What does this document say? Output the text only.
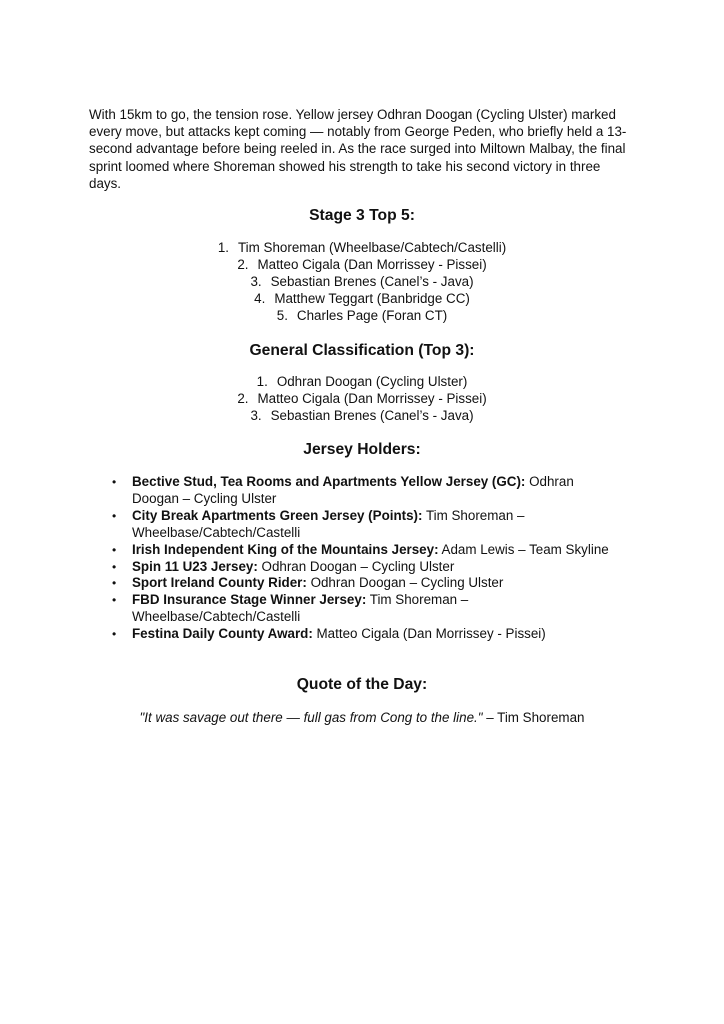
With 15km to go, the tension rose. Yellow jersey Odhran Doogan (Cycling Ulster) marked every move, but attacks kept coming — notably from George Peden, who briefly held a 13-second advantage before being reeled in. As the race surged into Miltown Malbay, the final sprint loomed where Shoreman showed his strength to take his second victory in three days.

Stage 3 Top 5:
1. Tim Shoreman (Wheelbase/Cabtech/Castelli)
2. Matteo Cigala (Dan Morrissey - Pissei)
3. Sebastian Brenes (Canel’s - Java)
4. Matthew Teggart (Banbridge CC)
5. Charles Page (Foran CT)
General Classification (Top 3):
1. Odhran Doogan (Cycling Ulster)
2. Matteo Cigala (Dan Morrissey - Pissei)
3. Sebastian Brenes (Canel’s - Java)
Jersey Holders:
• Bective Stud, Tea Rooms and Apartments Yellow Jersey (GC): Odhran Doogan – Cycling Ulster
• City Break Apartments Green Jersey (Points): Tim Shoreman – Wheelbase/Cabtech/Castelli
• Irish Independent King of the Mountains Jersey: Adam Lewis – Team Skyline
• Spin 11 U23 Jersey: Odhran Doogan – Cycling Ulster
• Sport Ireland County Rider: Odhran Doogan – Cycling Ulster
• FBD Insurance Stage Winner Jersey: Tim Shoreman – Wheelbase/Cabtech/Castelli
• Festina Daily County Award: Matteo Cigala (Dan Morrissey - Pissei)
Quote of the Day:

"It was savage out there — full gas from Cong to the line." – Tim Shoreman
